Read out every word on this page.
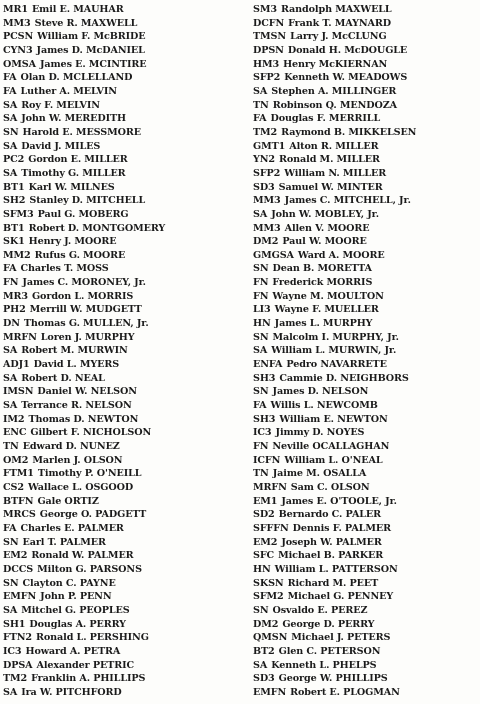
MR1 Emil E. MAUHAR
MM3 Steve R. MAXWELL
PCSN William F. McBRIDE
CYN3 James D. McDANIEL
OMSA James E. MCINTIRE
FA Olan D. MCLELLAND
FA Luther A. MELVIN
SA Roy F. MELVIN
SA John W. MEREDITH
SN Harold E. MESSMORE
SA David J. MILES
PC2 Gordon E. MILLER
SA Timothy G. MILLER
BT1 Karl W. MILNES
SH2 Stanley D. MITCHELL
SFM3 Paul G. MOBERG
BT1 Robert D. MONTGOMERY
SK1 Henry J. MOORE
MM2 Rufus G. MOORE
FA Charles T. MOSS
FN James C. MORONEY, Jr.
MR3 Gordon L. MORRIS
PH2 Merrill W. MUDGETT
DN Thomas G. MULLEN, Jr.
MRFN Loren J. MURPHY
SA Robert M. MURWIN
ADJ1 David L. MYERS
SA Robert D. NEAL
IMSN Daniel W. NELSON
SA Terrance R. NELSON
IM2 Thomas D. NEWTON
ENC Gilbert F. NICHOLSON
TN Edward D. NUNEZ
OM2 Marlen J. OLSON
FTM1 Timothy P. O'NEILL
CS2 Wallace L. OSGOOD
BTFN Gale ORTIZ
MRCS George O. PADGETT
FA Charles E. PALMER
SN Earl T. PALMER
EM2 Ronald W. PALMER
DCCS Milton G. PARSONS
SN Clayton C. PAYNE
EMFN John P. PENN
SA Mitchel G. PEOPLES
SH1 Douglas A. PERRY
FTN2 Ronald L. PERSHING
IC3 Howard A. PETRA
DPSA Alexander PETRIC
TM2 Franklin A. PHILLIPS
SA Ira W. PITCHFORD
SM3 Randolph MAXWELL
DCFN Frank T. MAYNARD
TMSN Larry J. McCLUNG
DPSN Donald H. McDOUGLE
HM3 Henry McKIERNAN
SFP2 Kenneth W. MEADOWS
SA Stephen A. MILLINGER
TN Robinson Q. MENDOZA
FA Douglas F. MERRILL
TM2 Raymond B. MIKKELSEN
GMT1 Alton R. MILLER
YN2 Ronald M. MILLER
SFP2 William N. MILLER
SD3 Samuel W. MINTER
MM3 James C. MITCHELL, Jr.
SA John W. MOBLEY, Jr.
MM3 Allen V. MOORE
DM2 Paul W. MOORE
GMGSA Ward A. MOORE
SN Dean B. MORETTA
FN Frederick MORRIS
FN Wayne M. MOULTON
LI3 Wayne F. MUELLER
HN James L. MURPHY
SN Malcolm I. MURPHY, Jr.
SA William L. MURWIN, Jr.
ENFA Pedro NAVARRETE
SH3 Cammie D. NEIGHBORS
SN James D. NELSON
FA Willis L. NEWCOMB
SH3 William E. NEWTON
IC3 Jimmy D. NOYES
FN Neville OCALLAGHAN
ICFN William L. O'NEAL
TN Jaime M. OSALLA
MRFN Sam C. OLSON
EM1 James E. O'TOOLE, Jr.
SD2 Bernardo C. PALER
SFFFN Dennis F. PALMER
EM2 Joseph W. PALMER
SFC Michael B. PARKER
HN William L. PATTERSON
SKSN Richard M. PEET
SFM2 Michael G. PENNEY
SN Osvaldo E. PEREZ
DM2 George D. PERRY
QMSN Michael J. PETERS
BT2 Glen C. PETERSON
SA Kenneth L. PHELPS
SD3 George W. PHILLIPS
EMFN Robert E. PLOGMAN
